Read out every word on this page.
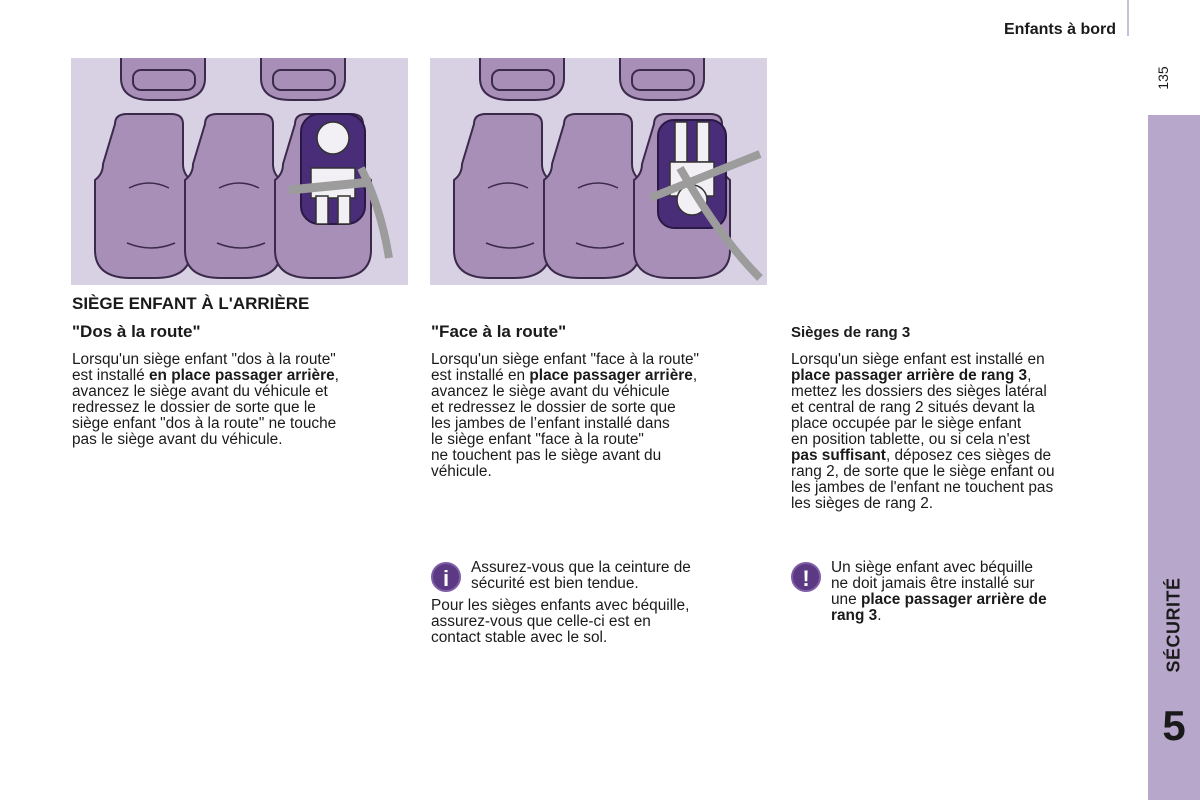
Enfants à bord
135
SÉCURITÉ
5
SIÈGE ENFANT À L'ARRIÈRE
"Dos à la route"
Lorsqu'un siège enfant "dos à la route"
est installé en place passager arrière,
avancez le siège avant du véhicule et
redressez le dossier de sorte que le
siège enfant "dos à la route" ne touche
pas le siège avant du véhicule.
"Face à la route"
Lorsqu'un siège enfant "face à la route"
est installé en place passager arrière,
avancez le siège avant du véhicule
et redressez le dossier de sorte que
les jambes de l’enfant installé dans
le siège enfant "face à la route"
ne touchent pas le siège avant du
véhicule.
i	Assurez-vous que la ceinture de
sécurité est bien tendue.
Pour les sièges enfants avec béquille,
assurez-vous que celle-ci est en
contact stable avec le sol.
Sièges de rang 3
Lorsqu'un siège enfant est installé en
place passager arrière de rang 3,
mettez les dossiers des sièges latéral
et central de rang 2 situés devant la
place occupée par le siège enfant
en position tablette, ou si cela n'est
pas suffisant, déposez ces sièges de
rang 2, de sorte que le siège enfant ou
les jambes de l'enfant ne touchent pas
les sièges de rang 2.
!	Un siège enfant avec béquille
ne doit jamais être installé sur
une place passager arrière de
rang 3.
